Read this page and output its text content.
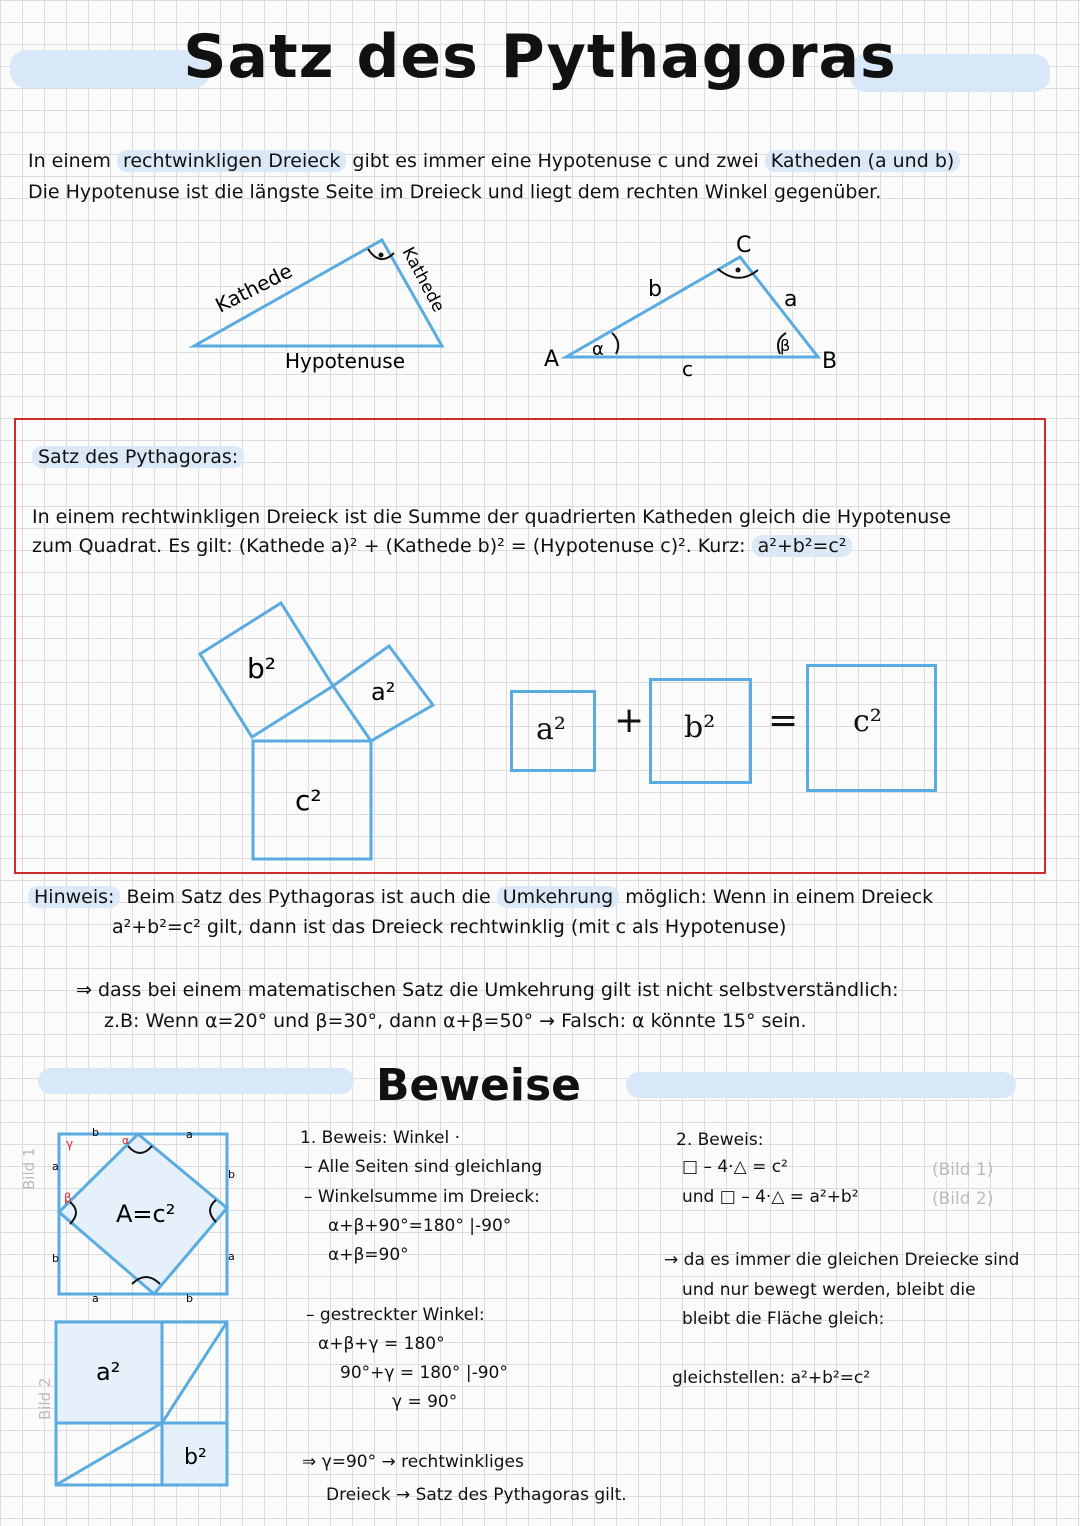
Satz des Pythagoras
In einem rechtwinkligen Dreieck gibt es immer eine Hypotenuse c und zwei Katheden (a und b)
Die Hypotenuse ist die längste Seite im Dreieck und liegt dem rechten Winkel gegenüber.
Kathede	Kathede
Hypotenuse	A	B
C
a
b
c
α	β
Satz des Pythagoras:
In einem rechtwinkligen Dreieck ist die Summe der quadrierten Katheden gleich die Hypotenuse
zum Quadrat. Es gilt: (Kathede a)² + (Kathede b)² = (Hypotenuse c)². Kurz: a²+b²=c²
b²
a²
c²
a² + b² = c²
Hinweis: Beim Satz des Pythagoras ist auch die Umkehrung möglich: Wenn in einem Dreieck
a²+b²=c² gilt, dann ist das Dreieck rechtwinklig (mit c als Hypotenuse)
⇒ dass bei einem matematischen Satz die Umkehrung gilt ist nicht selbstverständlich:
z.B: Wenn α=20° und β=30°, dann α+β=50° → Falsch: α könnte 15° sein.
Beweise
Bild 1
A=c²
γ	α
β
b	a
a
b
a	b
b
a
Bild 2
a²
b²
1. Beweis: Winkel ·
– Alle Seiten sind gleichlang
– Winkelsumme im Dreieck:
α+β+90°=180° |-90°
α+β=90°
– gestreckter Winkel:
α+β+γ = 180°
90°+γ = 180° |-90°
γ = 90°
⇒ γ=90° → rechtwinkliges
Dreieck → Satz des Pythagoras gilt.
2. Beweis:
□ – 4·△ = c²	(Bild 1)
und □ – 4·△ = a²+b²	(Bild 2)
→ da es immer die gleichen Dreiecke sind
und nur bewegt werden, bleibt die
bleibt die Fläche gleich:
gleichstellen: a²+b²=c²
